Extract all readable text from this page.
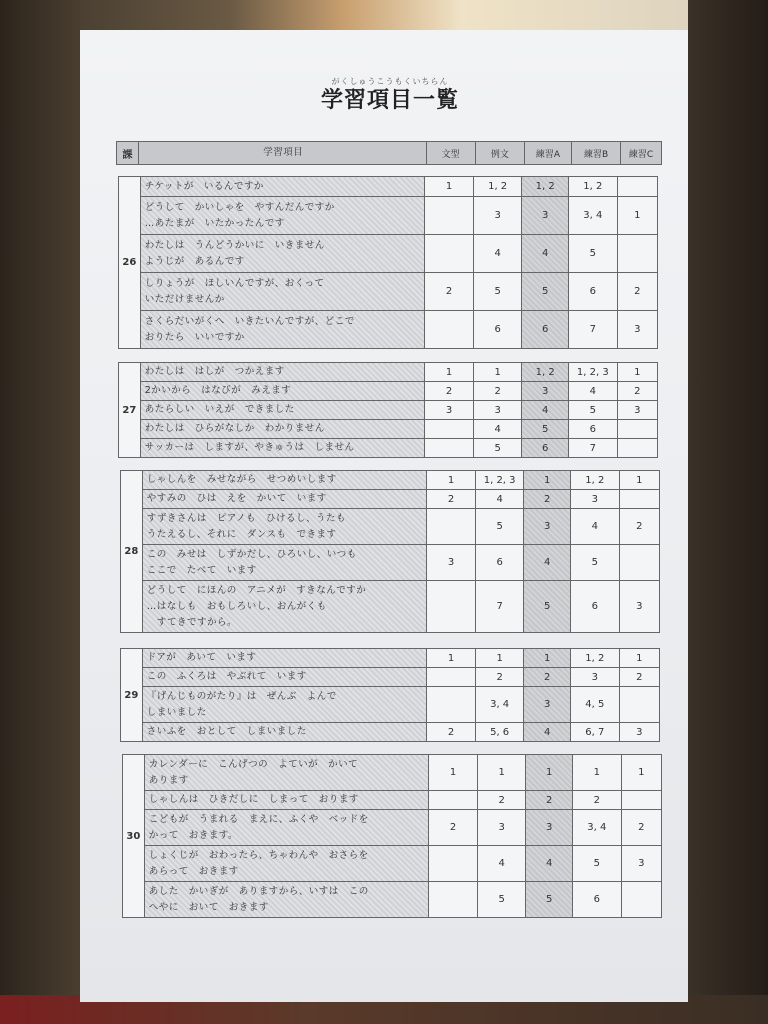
がくしゅうこうもくいちらん
学習項目一覧
課	学習項目	文型	例文	練習A	練習B	練習C
26	チケットが　いるんですか	1	1, 2	1, 2	1, 2	
	どうして　かいしゃを　やすんだんですか
…あたまが　いたかったんです		3	3	3, 4	1
	わたしは　うんどうかいに　いきません
ようじが　あるんです		4	4	5	
	しりょうが　ほしいんですが、おくって
いただけませんか	2	5	5	6	2
	さくらだいがくへ　いきたいんですが、どこで
おりたら　いいですか		6	6	7	3
27	わたしは　はしが　つかえます	1	1	1, 2	1, 2, 3	1
	2かいから　はなびが　みえます	2	2	3	4	2
	あたらしい　いえが　できました	3	3	4	5	3
	わたしは　ひらがなしか　わかりません		4	5	6	
	サッカーは　しますが、やきゅうは　しません		5	6	7	
28	しゃしんを　みせながら　せつめいします	1	1, 2, 3	1	1, 2	1
	やすみの　ひは　えを　かいて　います	2	4	2	3	
	すずきさんは　ピアノも　ひけるし、うたも
うたえるし、それに　ダンスも　できます		5	3	4	2
	この　みせは　しずかだし、ひろいし、いつも
ここで　たべて　います	3	6	4	5	
	どうして　にほんの　アニメが　すきなんですか
…はなしも　おもしろいし、おんがくも
　すてきですから。		7	5	6	3
29	ドアが　あいて　います	1	1	1	1, 2	1
	この　ふくろは　やぶれて　います		2	2	3	2
	『げんじものがたり』は　ぜんぶ　よんで
しまいました		3, 4	3	4, 5	
	さいふを　おとして　しまいました	2	5, 6	4	6, 7	3
30	カレンダーに　こんげつの　よていが　かいて
あります	1	1	1	1	1
	しゃしんは　ひきだしに　しまって　おります		2	2	2	
	こどもが　うまれる　まえに、ふくや　ベッドを
かって　おきます。	2	3	3	3, 4	2
	しょくじが　おわったら、ちゃわんや　おさらを
あらって　おきます		4	4	5	3
	あした　かいぎが　ありますから、いすは　この
へやに　おいて　おきます		5	5	6	
